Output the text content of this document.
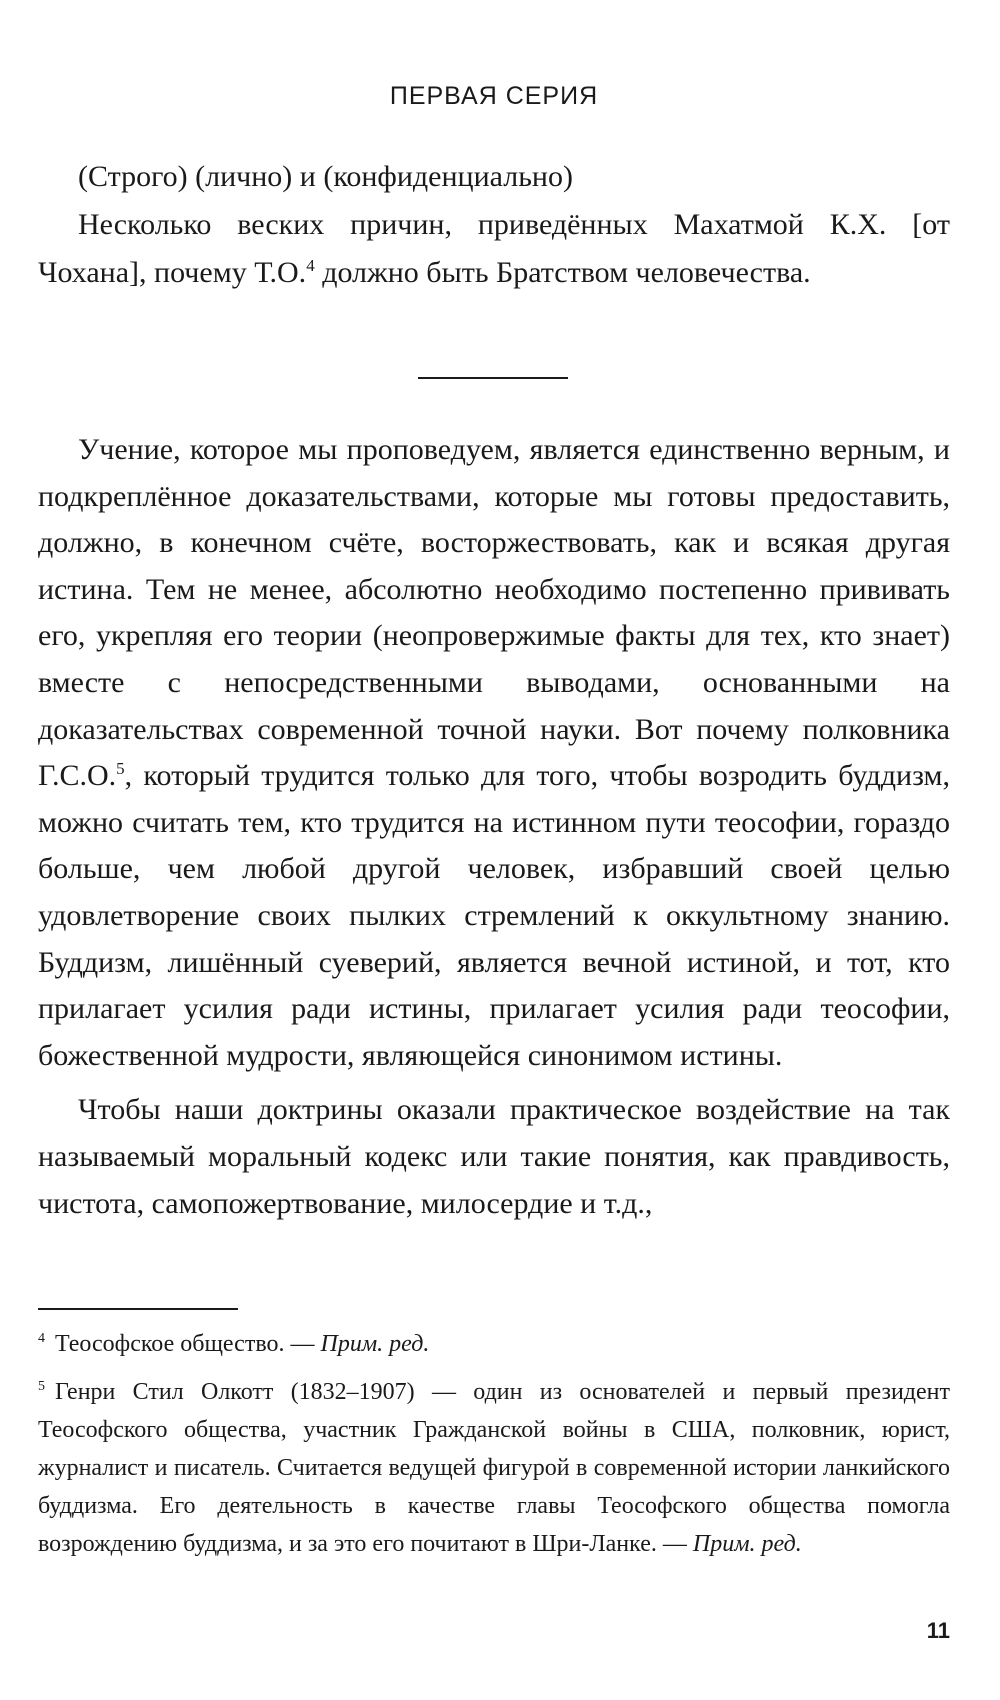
ПЕРВАЯ СЕРИЯ

(Строго) (лично) и (конфиденциально)

Несколько веских причин, приведённых Махатмой К.Х. [от Чохана], почему Т.О.$^4$ должно быть Братством человечества.

Учение, которое мы проповедуем, является единственно верным, и подкреплённое доказательствами, которые мы готовы предоставить, должно, в конечном счёте, восторжествовать, как и всякая другая истина. Тем не менее, абсолютно необходимо постепенно прививать его, укрепляя его теории (неопровержимые факты для тех, кто знает) вместе с непосредственными выводами, основанными на доказательствах современной точной науки. Вот почему полковника Г.С.О.$^5$, который трудится только для того, чтобы возродить буддизм, можно считать тем, кто трудится на истинном пути теософии, гораздо больше, чем любой другой человек, избравший своей целью удовлетворение своих пылких стремлений к оккультному знанию. Буддизм, лишённый суеверий, является вечной истиной, и тот, кто прилагает усилия ради истины, прилагает усилия ради теософии, божественной мудрости, являющейся синонимом истины.

Чтобы наши доктрины оказали практическое воздействие на так называемый моральный кодекс или такие понятия, как правдивость, чистота, самопожертвование, милосердие и т.д.,

$^4$ Теософское общество. — Прим. ред.

$^5$ Генри Стил Олкотт (1832–1907) — один из основателей и первый президент Теософского общества, участник Гражданской войны в США, полковник, юрист, журналист и писатель. Считается ведущей фигурой в современной истории ланкийского буддизма. Его деятельность в качестве главы Теософского общества помогла возрождению буддизма, и за это его почитают в Шри-Ланке. — Прим. ред.

11
